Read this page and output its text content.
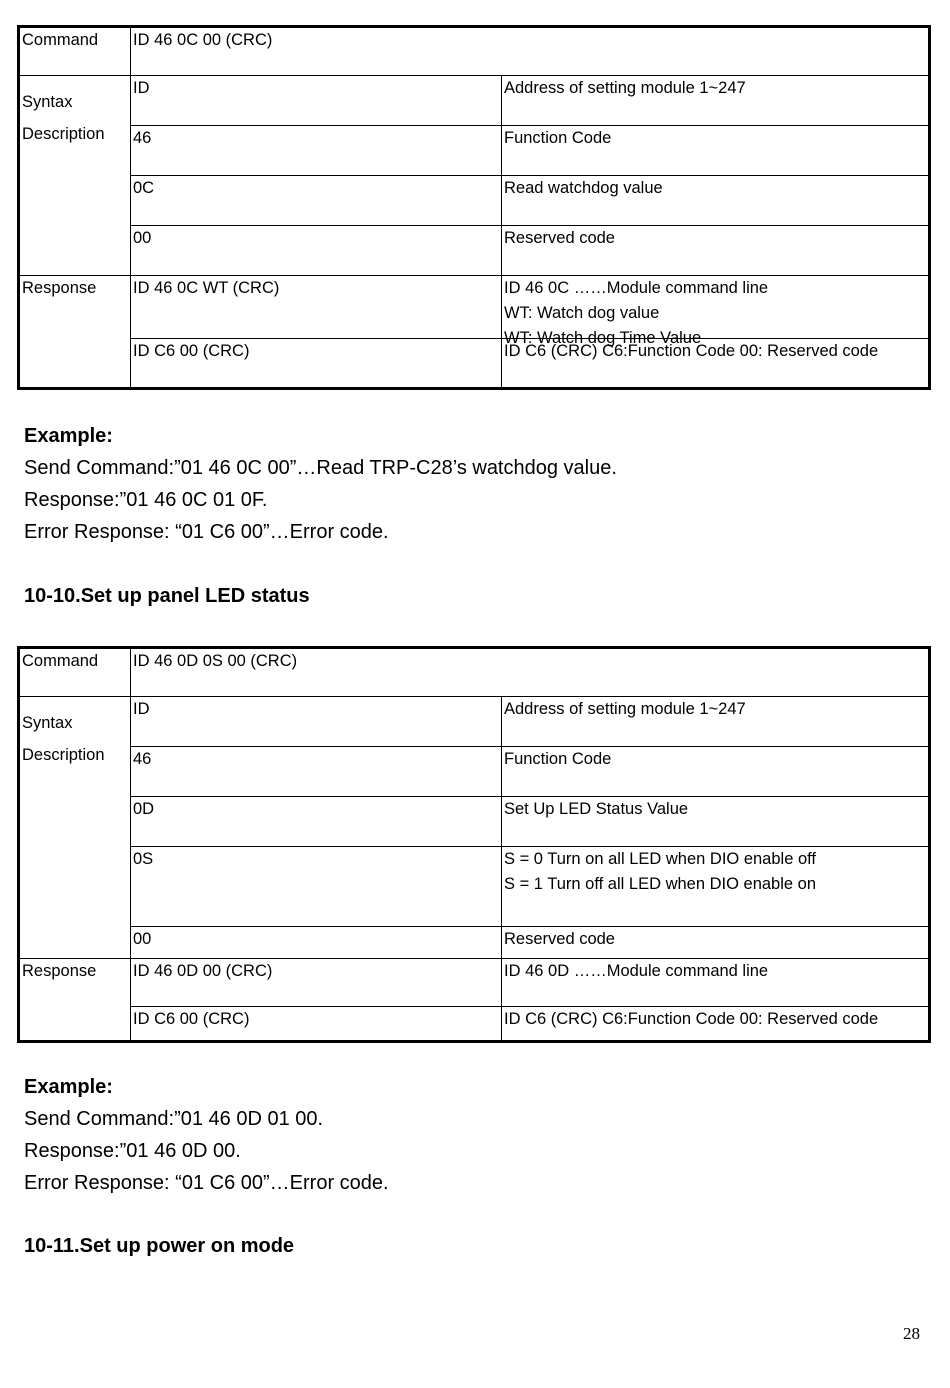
Command	ID 46 0C 00 (CRC)	

Syntax
Description	ID	Address of setting module 1~247
	46	Function Code
	0C	Read watchdog value
	00	Reserved code
Response	ID 46 0C WT (CRC)	ID 46 0C ……Module command line
WT: Watch dog value
WT: Watch dog Time Value

	ID C6 00 (CRC)	ID C6 (CRC) C6:Function Code 00: Reserved code
Example:
Send Command:”01 46 0C 00”…Read TRP-C28’s watchdog value.
Response:”01 46 0C 01 0F.
Error Response: “01 C6 00”…Error code.
10-10.Set up panel LED status
Command	ID 46 0D 0S 00 (CRC)	

Syntax
Description	ID	Address of setting module 1~247
	46	Function Code
	0D	Set Up LED Status Value
	0S	S = 0 Turn on all LED when DIO enable off
S = 1 Turn off all LED when DIO enable on

	00	Reserved code
Response	ID 46 0D 00 (CRC)	ID 46 0D ……Module command line
	ID C6 00 (CRC)	ID C6 (CRC) C6:Function Code 00: Reserved code
Example:
Send Command:”01 46 0D 01 00.
Response:”01 46 0D 00.
Error Response: “01 C6 00”…Error code.
10-11.Set up power on mode
28
